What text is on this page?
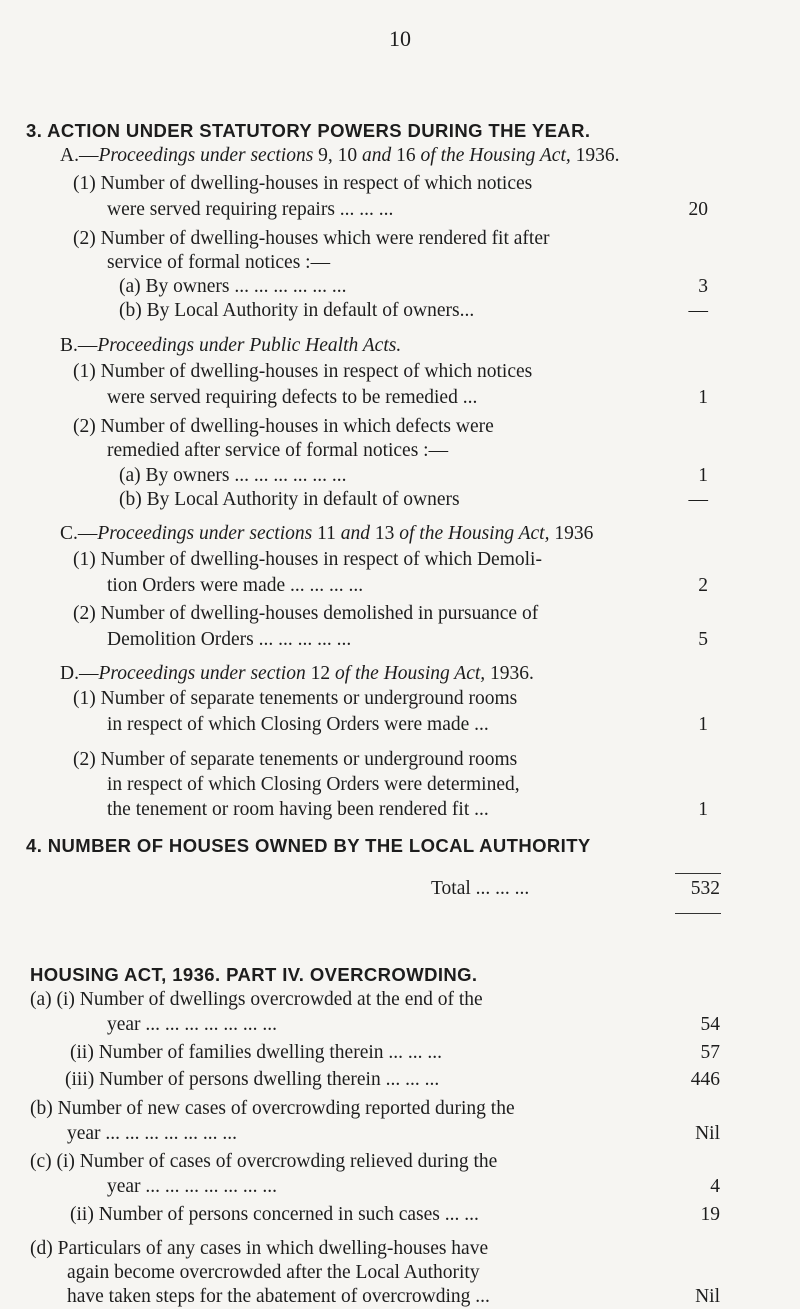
10
3. ACTION UNDER STATUTORY POWERS DURING THE YEAR.
A.—Proceedings under sections 9, 10 and 16 of the Housing Act, 1936.
(1) Number of dwelling-houses in respect of which notices
were served requiring repairs ... ... ...	20
(2) Number of dwelling-houses which were rendered fit after
service of formal notices :—
(a) By owners ... ... ... ... ... ...	3
(b) By Local Authority in default of owners...	—
B.—Proceedings under Public Health Acts.
(1) Number of dwelling-houses in respect of which notices
were served requiring defects to be remedied ...	1
(2) Number of dwelling-houses in which defects were
remedied after service of formal notices :—
(a) By owners ... ... ... ... ... ...	1
(b) By Local Authority in default of owners	—
C.—Proceedings under sections 11 and 13 of the Housing Act, 1936
(1) Number of dwelling-houses in respect of which Demoli-
tion Orders were made ... ... ... ...	2
(2) Number of dwelling-houses demolished in pursuance of
Demolition Orders ... ... ... ... ...	5
D.—Proceedings under section 12 of the Housing Act, 1936.
(1) Number of separate tenements or underground rooms
in respect of which Closing Orders were made ...	1
(2) Number of separate tenements or underground rooms
in respect of which Closing Orders were determined,
the tenement or room having been rendered fit ...	1
4. NUMBER OF HOUSES OWNED BY THE LOCAL AUTHORITY
Total ... ... ...	532
HOUSING ACT, 1936. PART IV. OVERCROWDING.
(a) (i) Number of dwellings overcrowded at the end of the
year ... ... ... ... ... ... ...	54
(ii) Number of families dwelling therein ... ... ...	57
(iii) Number of persons dwelling therein ... ... ...	446
(b) Number of new cases of overcrowding reported during the
year ... ... ... ... ... ... ...	Nil
(c) (i) Number of cases of overcrowding relieved during the
year ... ... ... ... ... ... ...	4
(ii) Number of persons concerned in such cases ... ...	19
(d) Particulars of any cases in which dwelling-houses have
again become overcrowded after the Local Authority
have taken steps for the abatement of overcrowding ...	Nil
